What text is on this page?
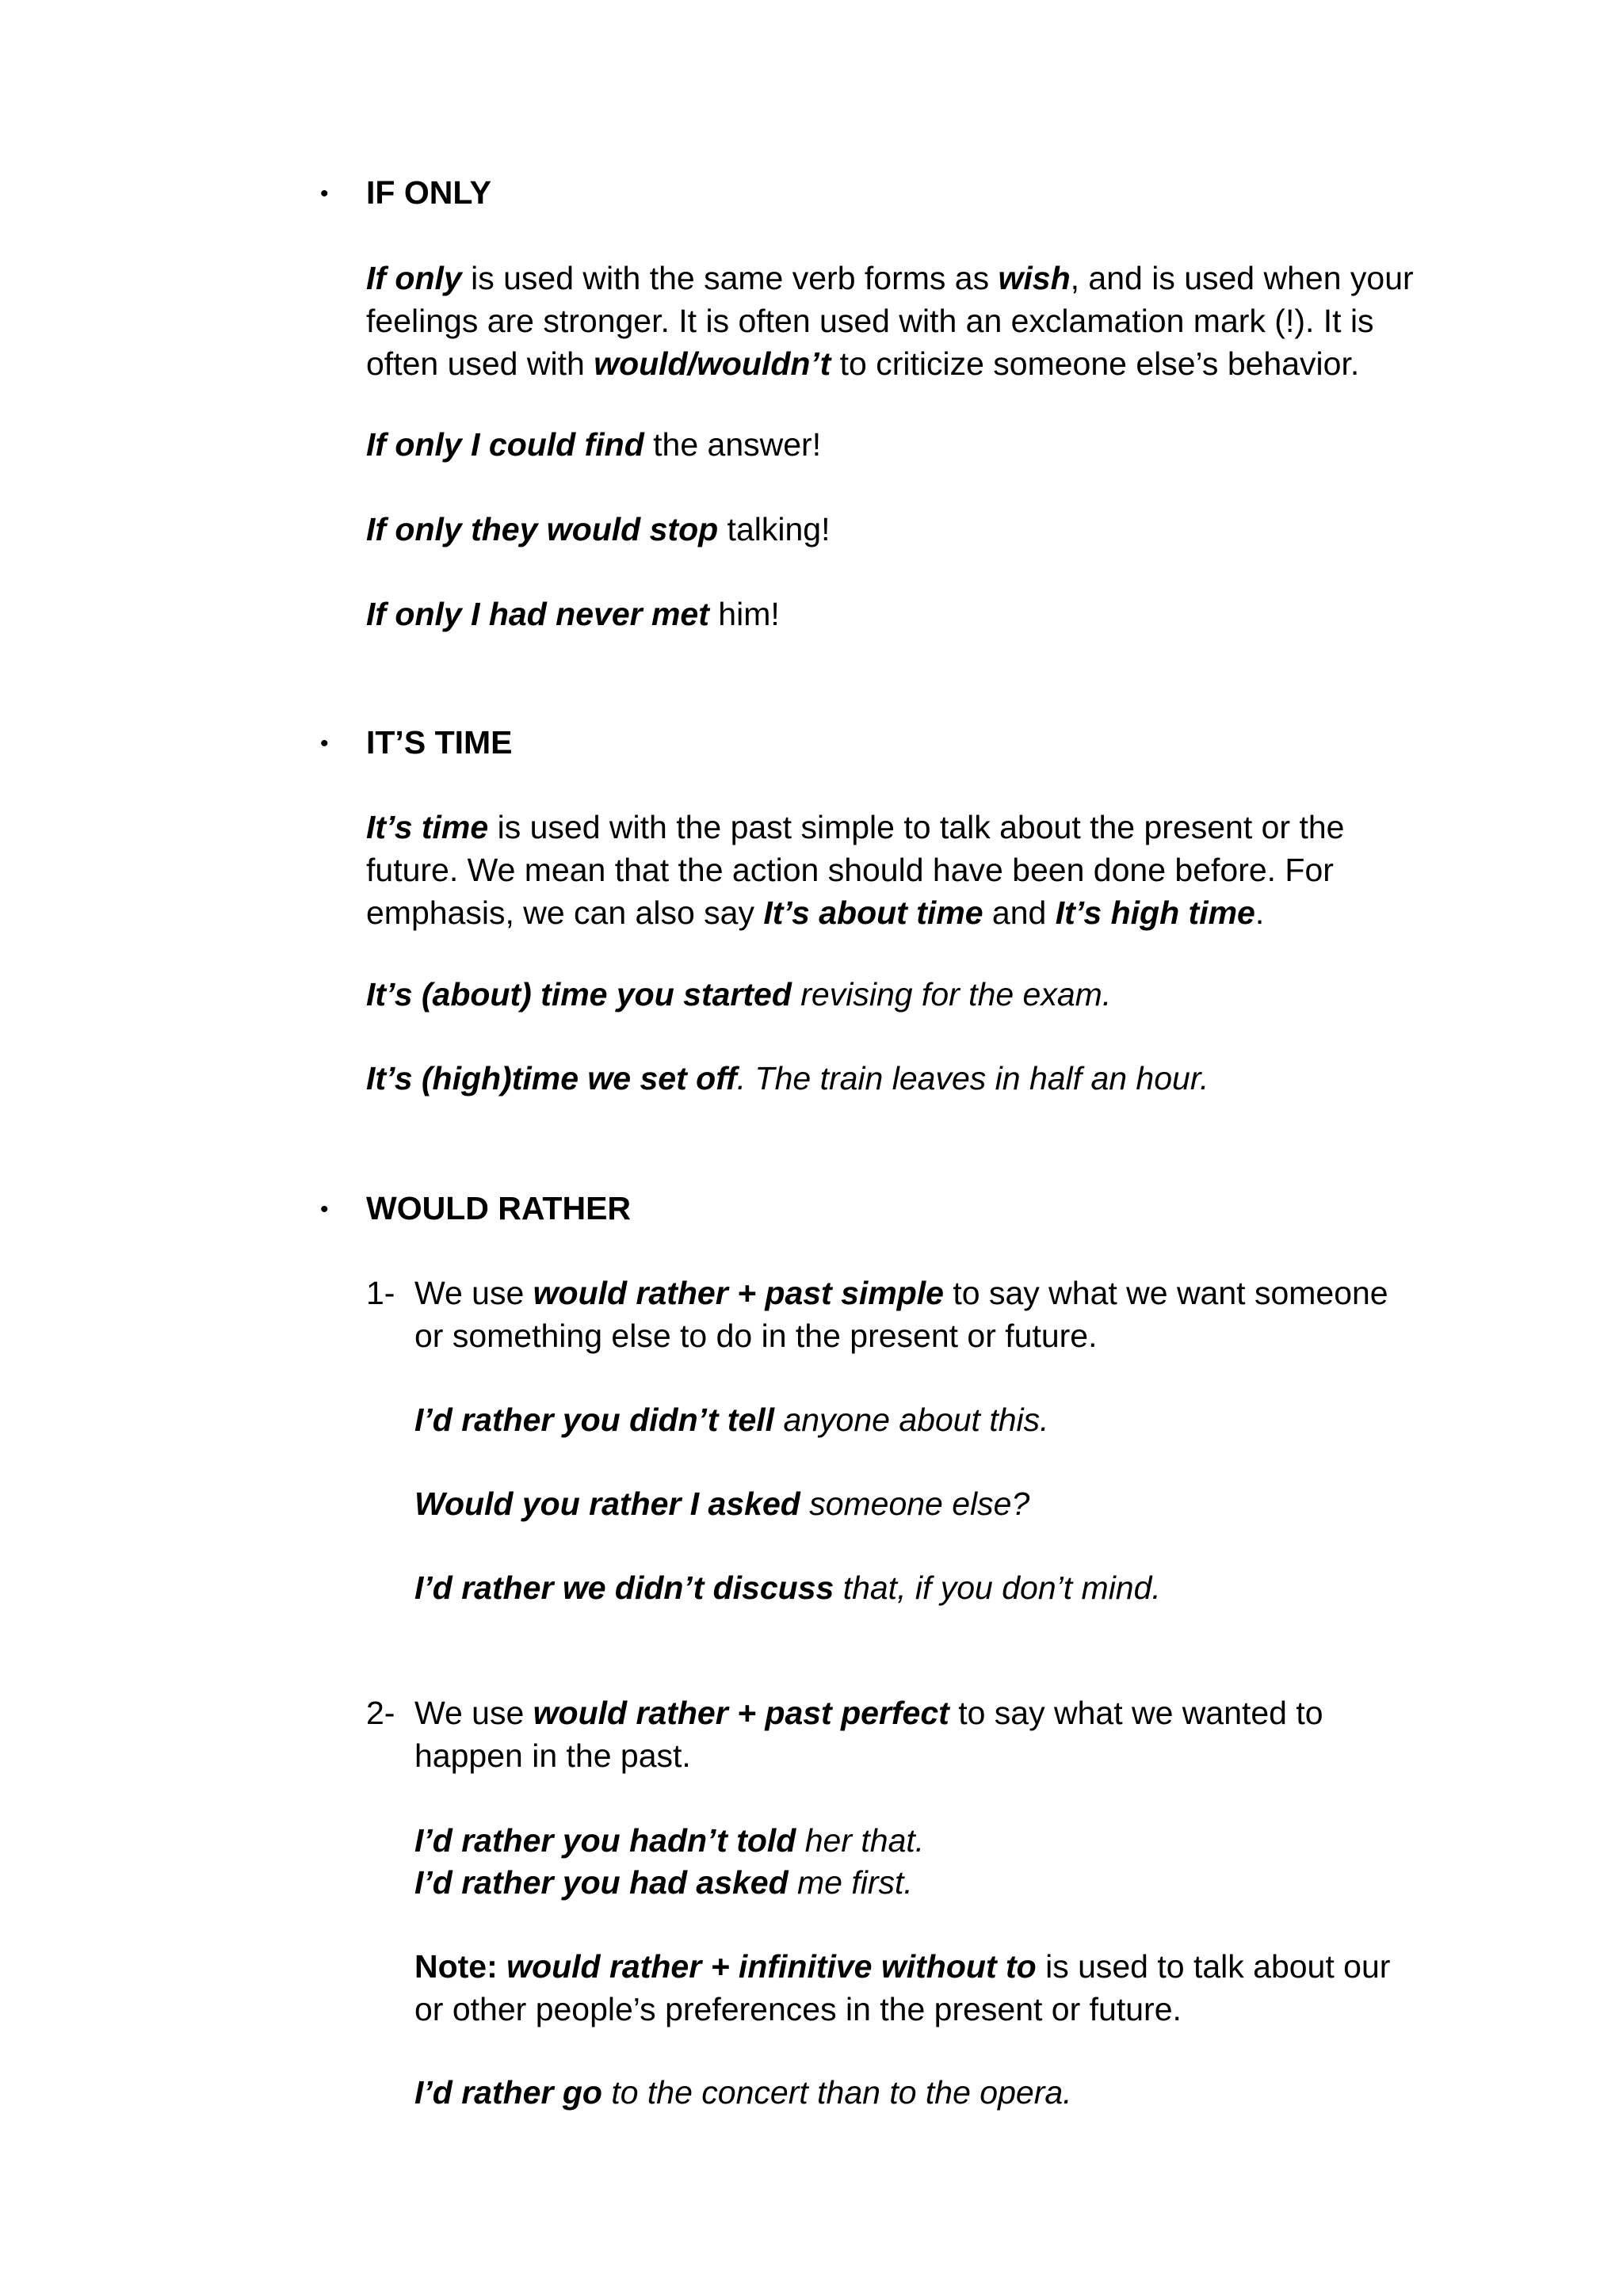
• IF ONLY

If only is used with the same verb forms as wish, and is used when your

feelings are stronger. It is often used with an exclamation mark (!). It is

often used with would/wouldn’t to criticize someone else’s behavior.

If only I could find the answer!
If only they would stop talking!
If only I had never met him!
• IT’S TIME

It’s time is used with the past simple to talk about the present or the

future. We mean that the action should have been done before. For

emphasis, we can also say It’s about time and It’s high time.

It’s (about) time you started revising for the exam.
It’s (high)time we set off. The train leaves in half an hour.
• WOULD RATHER
1- We use would rather + past simple to say what we want someone

or something else to do in the present or future.

I’d rather you didn’t tell anyone about this.
Would you rather I asked someone else?
I’d rather we didn’t discuss that, if you don’t mind.
2- We use would rather + past perfect to say what we wanted to

happen in the past.

I’d rather you hadn’t told her that.
I’d rather you had asked me first.

Note: would rather + infinitive without to is used to talk about our

or other people’s preferences in the present or future.

I’d rather go to the concert than to the opera.
